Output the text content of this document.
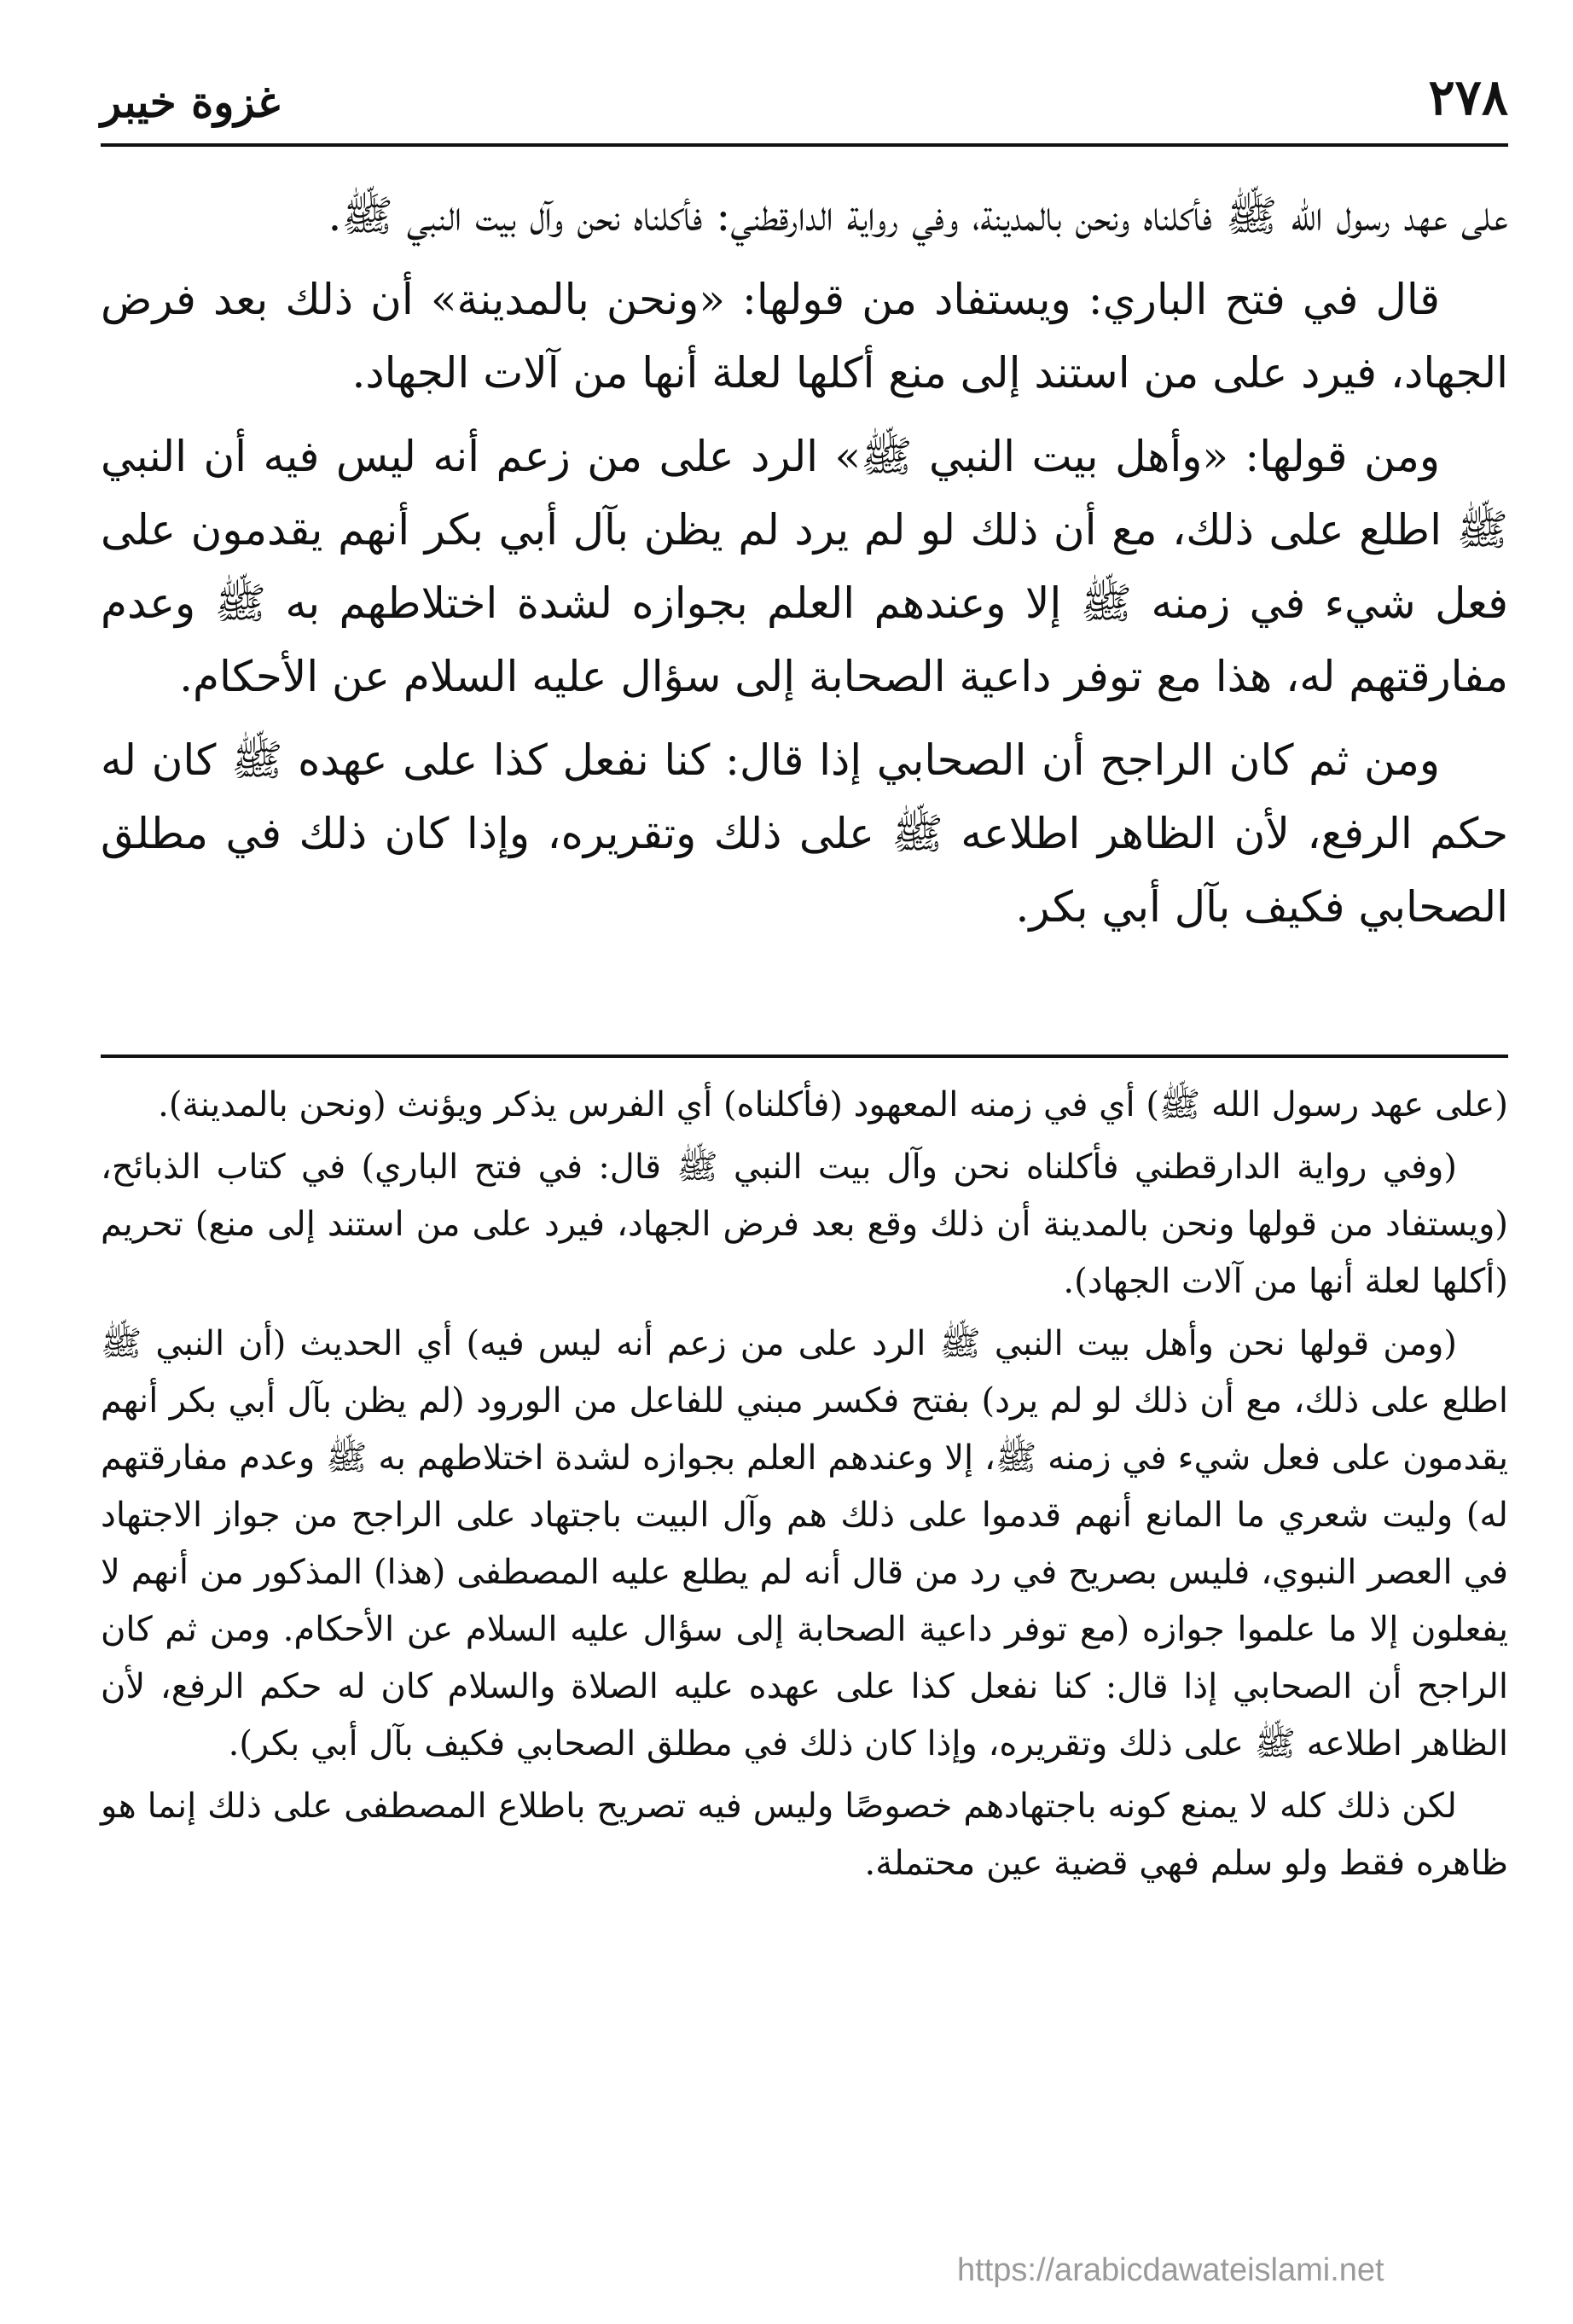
٢٧٨
غزوة خيبر

على عهد رسول الله ﷺ فأكلناه ونحن بالمدينة، وفي رواية الدارقطني: فأكلناه نحن وآل بيت النبي ﷺ.

قال في فتح الباري: ويستفاد من قولها: «ونحن بالمدينة» أن ذلك بعد فرض الجهاد، فيرد على من استند إلى منع أكلها لعلة أنها من آلات الجهاد.

ومن قولها: «وأهل بيت النبي ﷺ» الرد على من زعم أنه ليس فيه أن النبي ﷺ اطلع على ذلك، مع أن ذلك لو لم يرد لم يظن بآل أبي بكر أنهم يقدمون على فعل شيء في زمنه ﷺ إلا وعندهم العلم بجوازه لشدة اختلاطهم به ﷺ وعدم مفارقتهم له، هذا مع توفر داعية الصحابة إلى سؤال عليه السلام عن الأحكام.

ومن ثم كان الراجح أن الصحابي إذا قال: كنا نفعل كذا على عهده ﷺ كان له حكم الرفع، لأن الظاهر اطلاعه ﷺ على ذلك وتقريره، وإذا كان ذلك في مطلق الصحابي فكيف بآل أبي بكر.

(على عهد رسول الله ﷺ) أي في زمنه المعهود (فأكلناه) أي الفرس يذكر ويؤنث (ونحن بالمدينة).

(وفي رواية الدارقطني فأكلناه نحن وآل بيت النبي ﷺ قال: في فتح الباري) في كتاب الذبائح، (ويستفاد من قولها ونحن بالمدينة أن ذلك وقع بعد فرض الجهاد، فيرد على من استند إلى منع) تحريم (أكلها لعلة أنها من آلات الجهاد).

(ومن قولها نحن وأهل بيت النبي ﷺ الرد على من زعم أنه ليس فيه) أي الحديث (أن النبي ﷺ اطلع على ذلك، مع أن ذلك لو لم يرد) بفتح فكسر مبني للفاعل من الورود (لم يظن بآل أبي بكر أنهم يقدمون على فعل شيء في زمنه ﷺ، إلا وعندهم العلم بجوازه لشدة اختلاطهم به ﷺ وعدم مفارقتهم له) وليت شعري ما المانع أنهم قدموا على ذلك هم وآل البيت باجتهاد على الراجح من جواز الاجتهاد في العصر النبوي، فليس بصريح في رد من قال أنه لم يطلع عليه المصطفى (هذا) المذكور من أنهم لا يفعلون إلا ما علموا جوازه (مع توفر داعية الصحابة إلى سؤال عليه السلام عن الأحكام. ومن ثم كان الراجح أن الصحابي إذا قال: كنا نفعل كذا على عهده عليه الصلاة والسلام كان له حكم الرفع، لأن الظاهر اطلاعه ﷺ على ذلك وتقريره، وإذا كان ذلك في مطلق الصحابي فكيف بآل أبي بكر).

لكن ذلك كله لا يمنع كونه باجتهادهم خصوصًا وليس فيه تصريح باطلاع المصطفى على ذلك إنما هو ظاهره فقط ولو سلم فهي قضية عين محتملة.

https://arabicdawateislami.net
